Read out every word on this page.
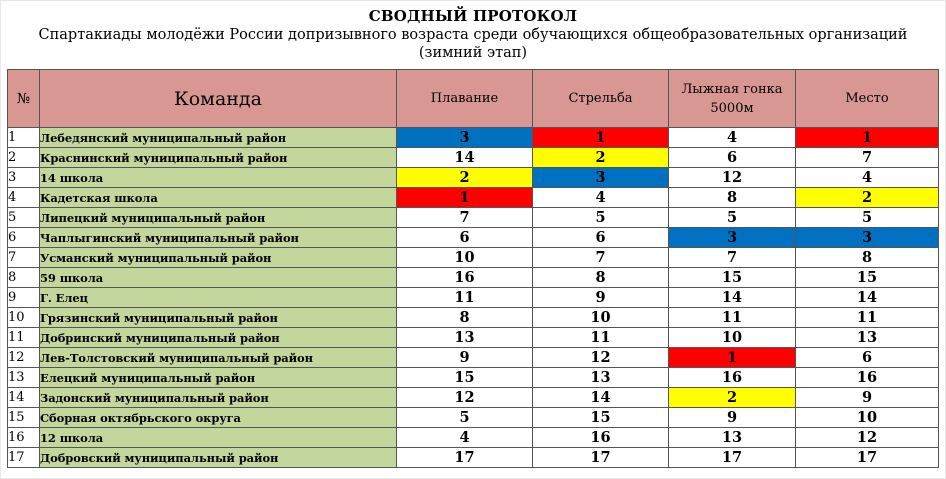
СВОДНЫЙ ПРОТОКОЛ
Спартакиады молодёжи России допризывного возраста среди обучающихся общеобразовательных организаций
(зимний этап)
№	Команда	Плавание	Стрельба	Лыжная гонка 5000м	Место
1	Лебедянский муниципальный район	3	1	4	1
2	Краснинский муниципальный район	14	2	6	7
3	14 школа	2	3	12	4
4	Кадетская школа	1	4	8	2
5	Липецкий муниципальный район	7	5	5	5
6	Чаплыгинский муниципальный район	6	6	3	3
7	Усманский муниципальный район	10	7	7	8
8	59 школа	16	8	15	15
9	Г. Елец	11	9	14	14
10	Грязинский муниципальный район	8	10	11	11
11	Добринский муниципальный район	13	11	10	13
12	Лев-Толстовский муниципальный район	9	12	1	6
13	Елецкий муниципальный район	15	13	16	16
14	Задонский муниципальный район	12	14	2	9
15	Сборная октябрьского округа	5	15	9	10
16	12 школа	4	16	13	12
17	Добровский муниципальный район	17	17	17	17
